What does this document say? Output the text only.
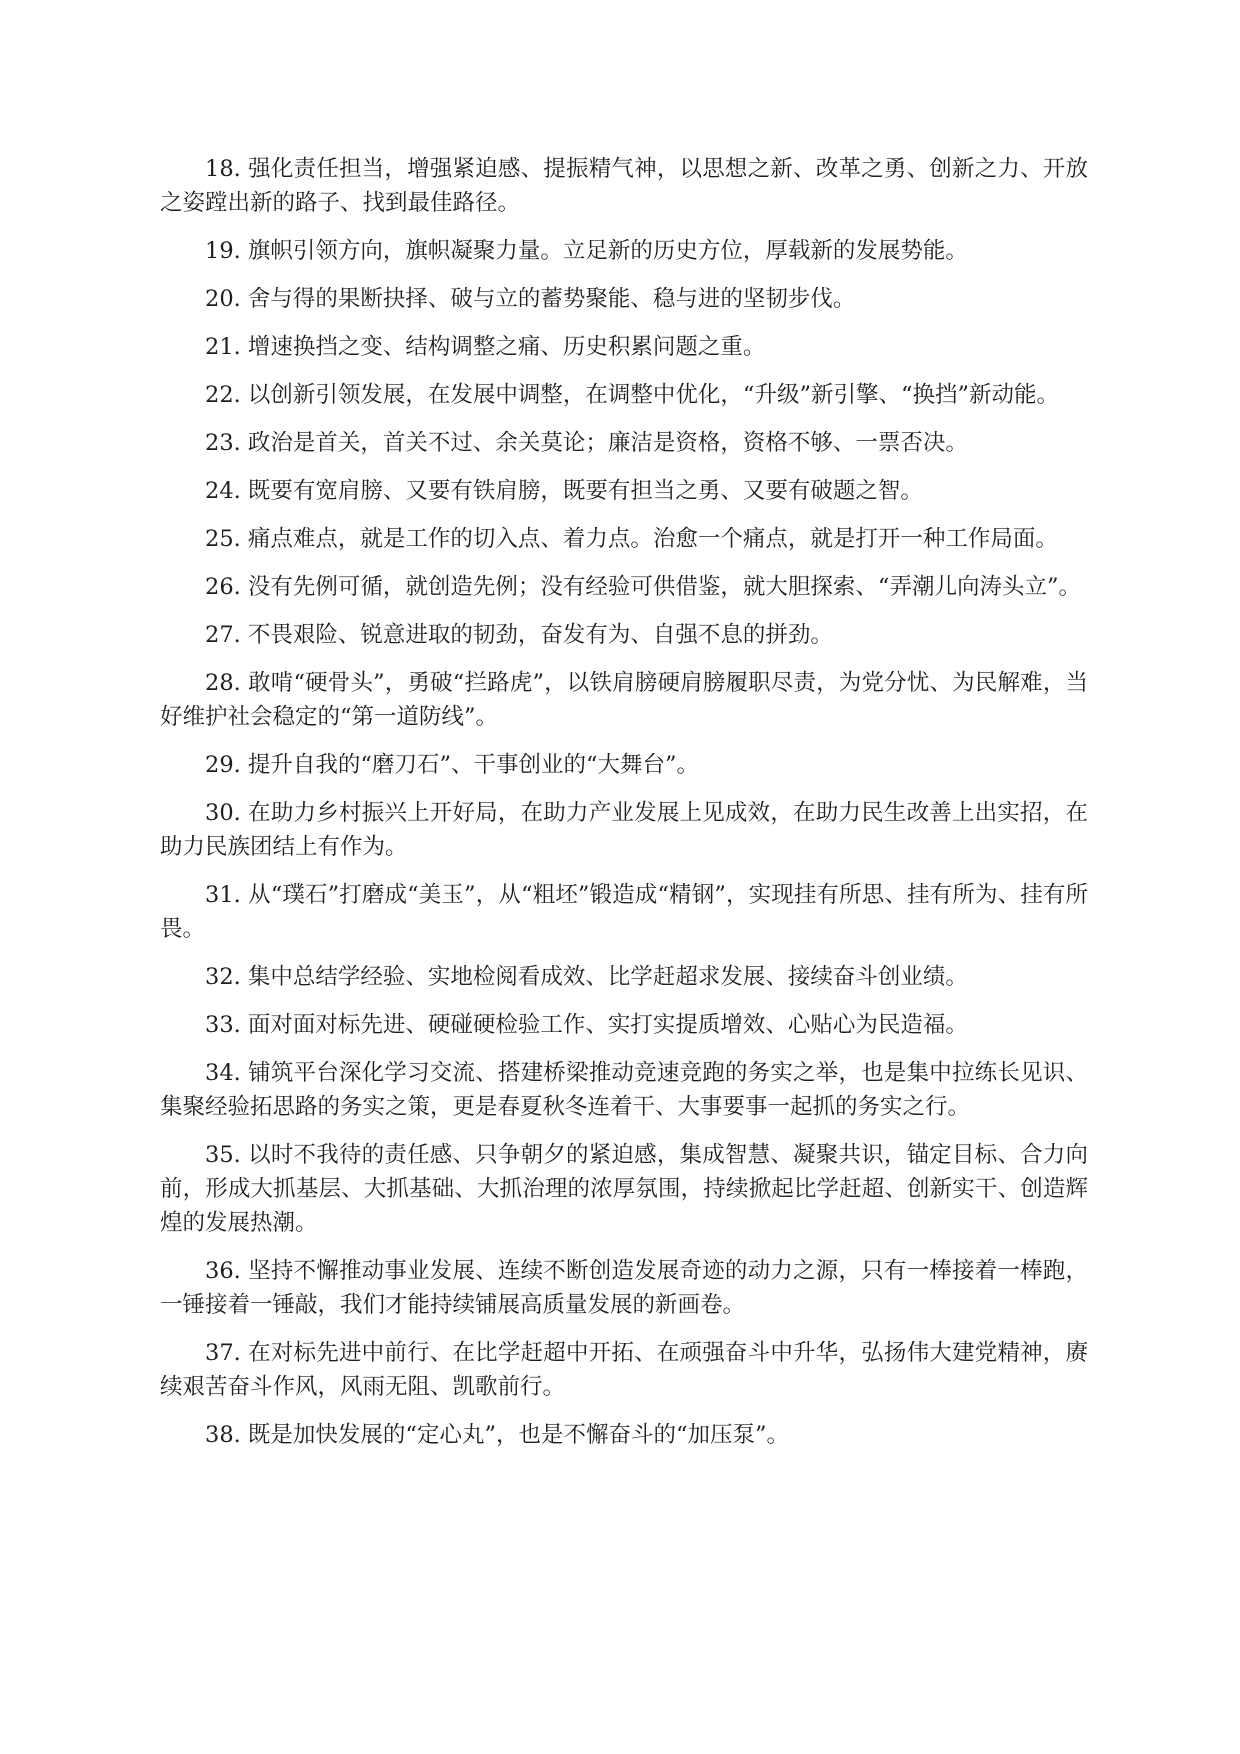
18. 强化责任担当，增强紧迫感、提振精气神，以思想之新、改革之勇、创新之力、开放之姿蹚出新的路子、找到最佳路径。

19. 旗帜引领方向，旗帜凝聚力量。立足新的历史方位，厚载新的发展势能。

20. 舍与得的果断抉择、破与立的蓄势聚能、稳与进的坚韧步伐。

21. 增速换挡之变、结构调整之痛、历史积累问题之重。

22. 以创新引领发展，在发展中调整，在调整中优化，“升级”新引擎、“换挡”新动能。

23. 政治是首关，首关不过、余关莫论；廉洁是资格，资格不够、一票否决。

24. 既要有宽肩膀、又要有铁肩膀，既要有担当之勇、又要有破题之智。

25. 痛点难点，就是工作的切入点、着力点。治愈一个痛点，就是打开一种工作局面。

26. 没有先例可循，就创造先例；没有经验可供借鉴，就大胆探索、“弄潮儿向涛头立”。

27. 不畏艰险、锐意进取的韧劲，奋发有为、自强不息的拼劲。

28. 敢啃“硬骨头”，勇破“拦路虎”，以铁肩膀硬肩膀履职尽责，为党分忧、为民解难，当好维护社会稳定的“第一道防线”。

29. 提升自我的“磨刀石”、干事创业的“大舞台”。

30. 在助力乡村振兴上开好局，在助力产业发展上见成效，在助力民生改善上出实招，在助力民族团结上有作为。

31. 从“璞石”打磨成“美玉”，从“粗坯”锻造成“精钢”，实现挂有所思、挂有所为、挂有所畏。

32. 集中总结学经验、实地检阅看成效、比学赶超求发展、接续奋斗创业绩。

33. 面对面对标先进、硬碰硬检验工作、实打实提质增效、心贴心为民造福。

34. 铺筑平台深化学习交流、搭建桥梁推动竞速竞跑的务实之举，也是集中拉练长见识、集聚经验拓思路的务实之策，更是春夏秋冬连着干、大事要事一起抓的务实之行。

35. 以时不我待的责任感、只争朝夕的紧迫感，集成智慧、凝聚共识，锚定目标、合力向前，形成大抓基层、大抓基础、大抓治理的浓厚氛围，持续掀起比学赶超、创新实干、创造辉煌的发展热潮。

36. 坚持不懈推动事业发展、连续不断创造发展奇迹的动力之源，只有一棒接着一棒跑，一锤接着一锤敲，我们才能持续铺展高质量发展的新画卷。

37. 在对标先进中前行、在比学赶超中开拓、在顽强奋斗中升华，弘扬伟大建党精神，赓续艰苦奋斗作风，风雨无阻、凯歌前行。

38. 既是加快发展的“定心丸”，也是不懈奋斗的“加压泵”。
